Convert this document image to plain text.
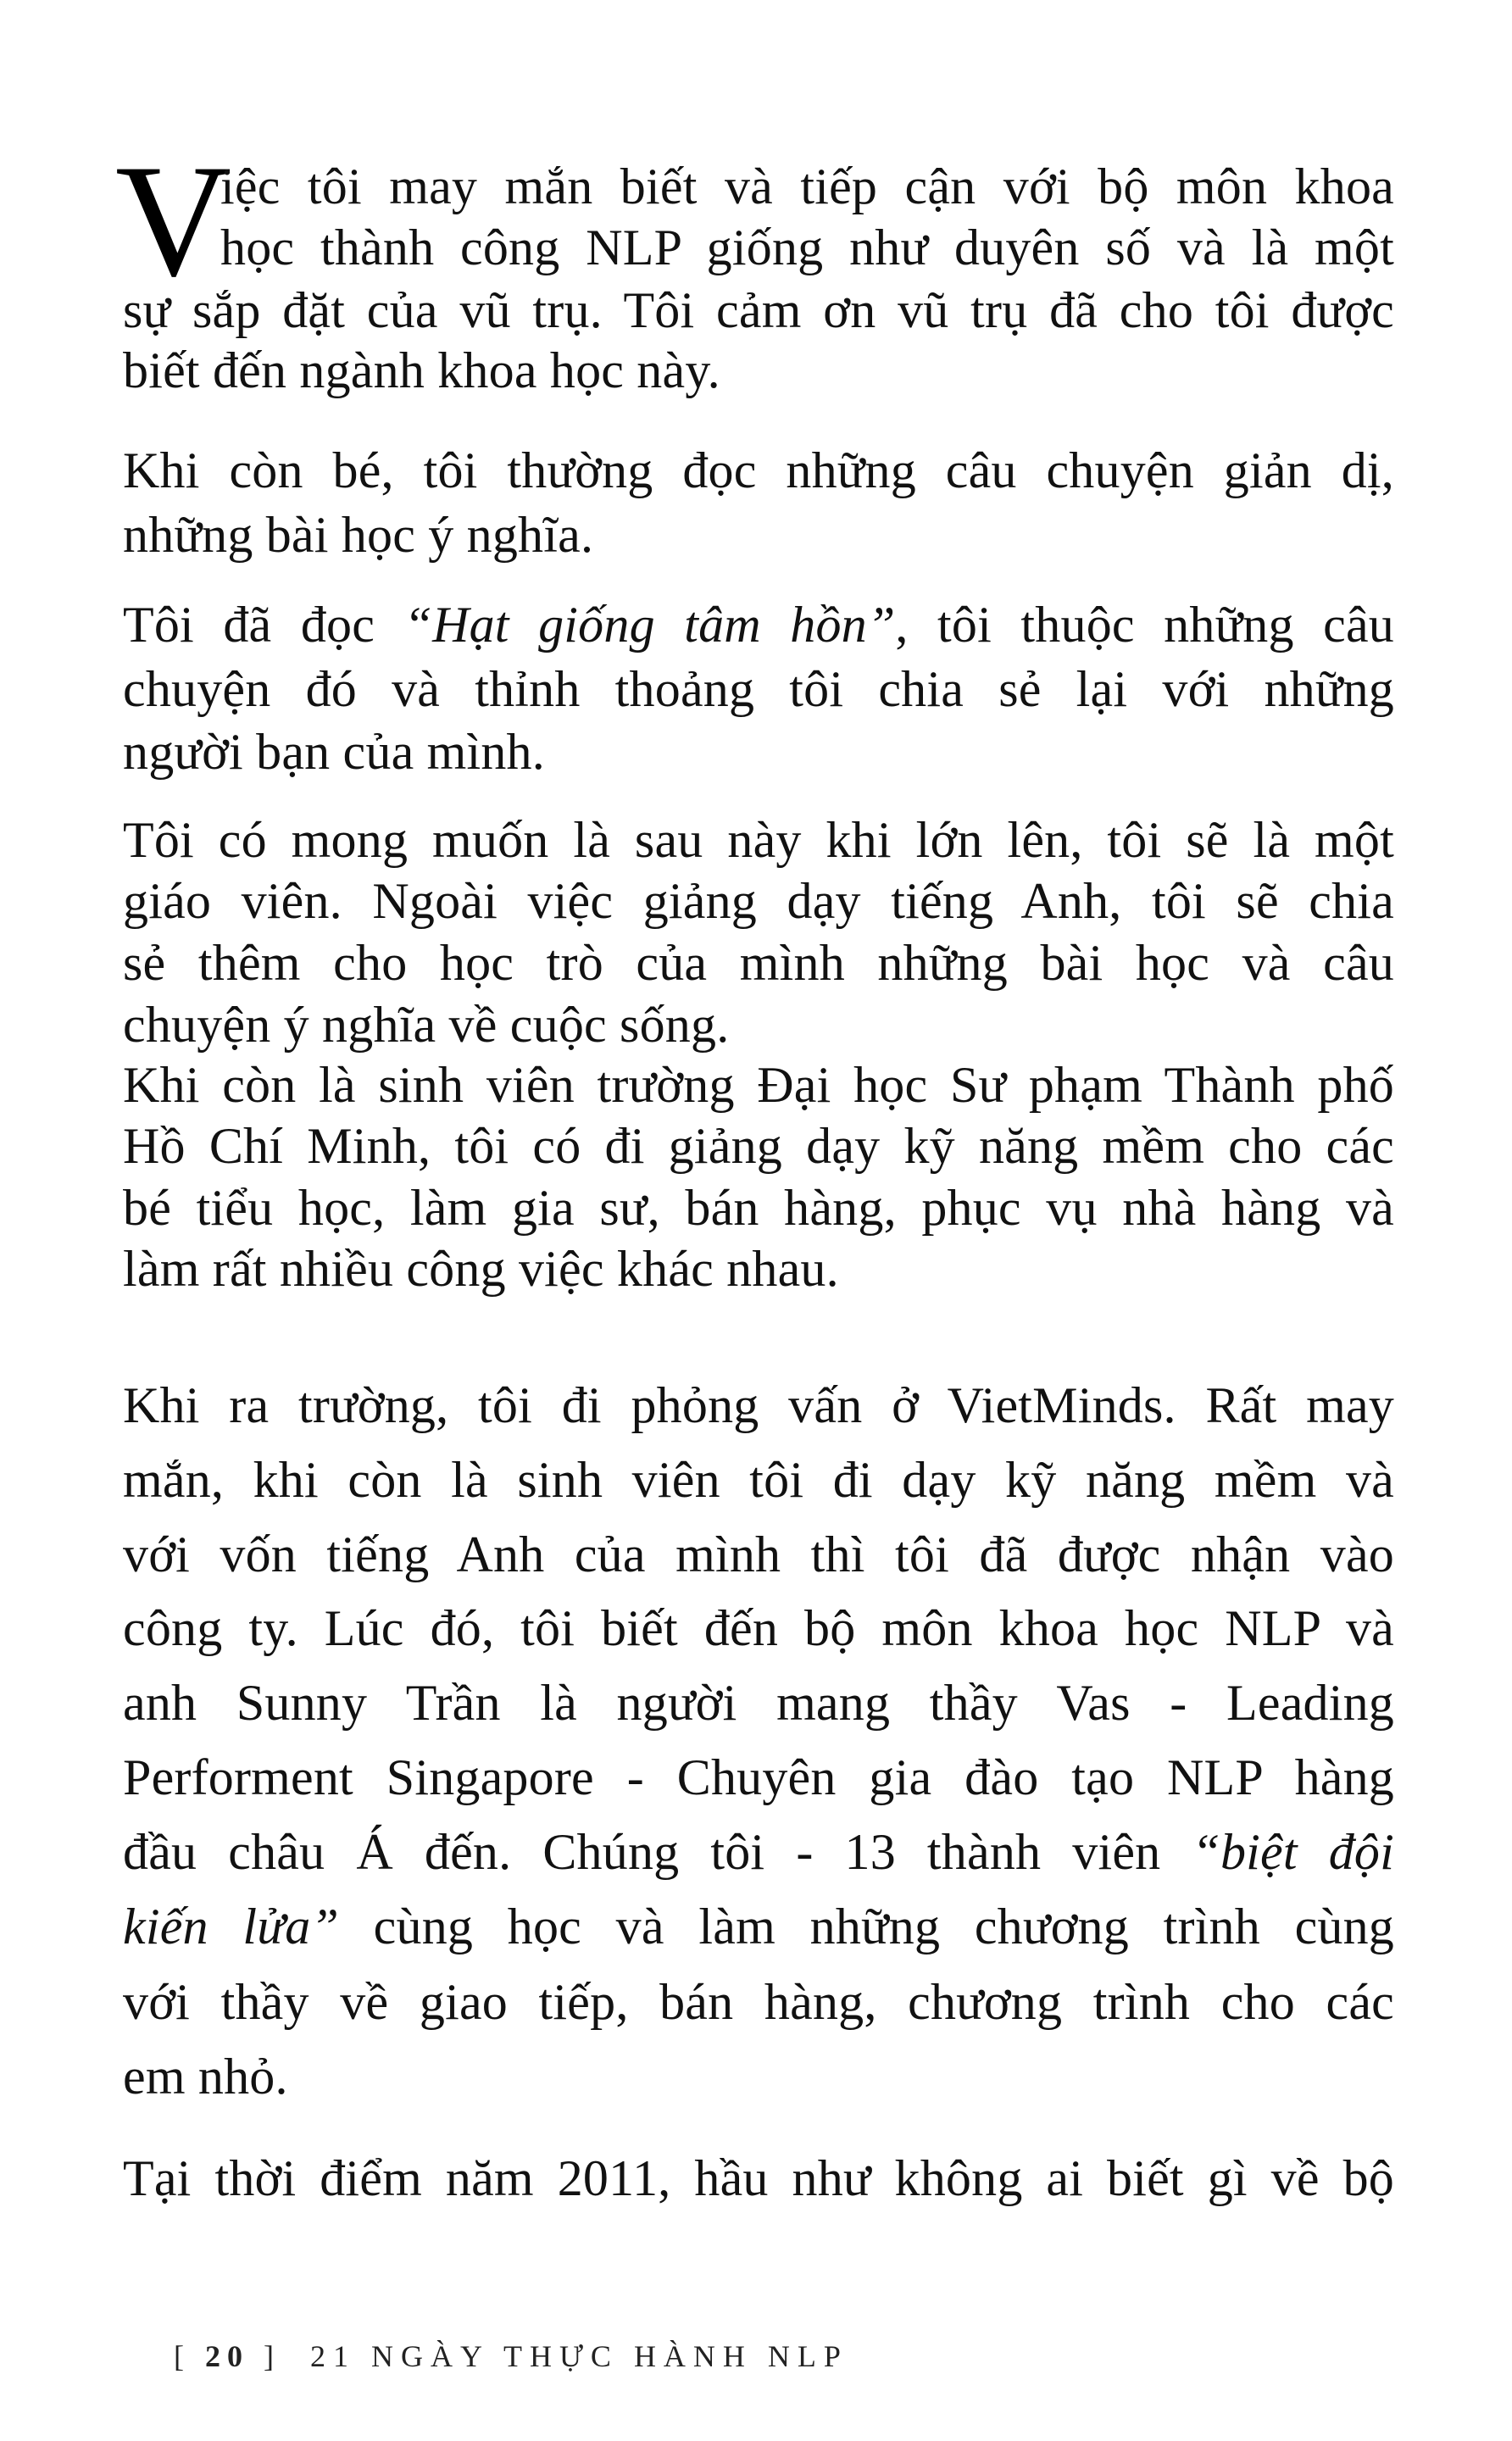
V
iệc tôi may mắn biết và tiếp cận với bộ môn khoa
học thành công NLP giống như duyên số và là một
sự sắp đặt của vũ trụ. Tôi cảm ơn vũ trụ đã cho tôi được
biết đến ngành khoa học này.
Khi còn bé, tôi thường đọc những câu chuyện giản dị,
những bài học ý nghĩa.
Tôi đã đọc “Hạt giống tâm hồn”, tôi thuộc những câu
chuyện đó và thỉnh thoảng tôi chia sẻ lại với những
người bạn của mình.
Tôi có mong muốn là sau này khi lớn lên, tôi sẽ là một
giáo viên. Ngoài việc giảng dạy tiếng Anh, tôi sẽ chia
sẻ thêm cho học trò của mình những bài học và câu
chuyện ý nghĩa về cuộc sống.
Khi còn là sinh viên trường Đại học Sư phạm Thành phố
Hồ Chí Minh, tôi có đi giảng dạy kỹ năng mềm cho các
bé tiểu học, làm gia sư, bán hàng, phục vụ nhà hàng và
làm rất nhiều công việc khác nhau.
Khi ra trường, tôi đi phỏng vấn ở VietMinds. Rất may
mắn, khi còn là sinh viên tôi đi dạy kỹ năng mềm và
với vốn tiếng Anh của mình thì tôi đã được nhận vào
công ty. Lúc đó, tôi biết đến bộ môn khoa học NLP và
anh Sunny Trần là người mang thầy Vas - Leading
Performent Singapore - Chuyên gia đào tạo NLP hàng
đầu châu Á đến. Chúng tôi - 13 thành viên “biệt đội
kiến lửa” cùng học và làm những chương trình cùng
với thầy về giao tiếp, bán hàng, chương trình cho các
em nhỏ.
Tại thời điểm năm 2011, hầu như không ai biết gì về bộ
[ 20 ] 21 NGÀY THỰC HÀNH NLP
